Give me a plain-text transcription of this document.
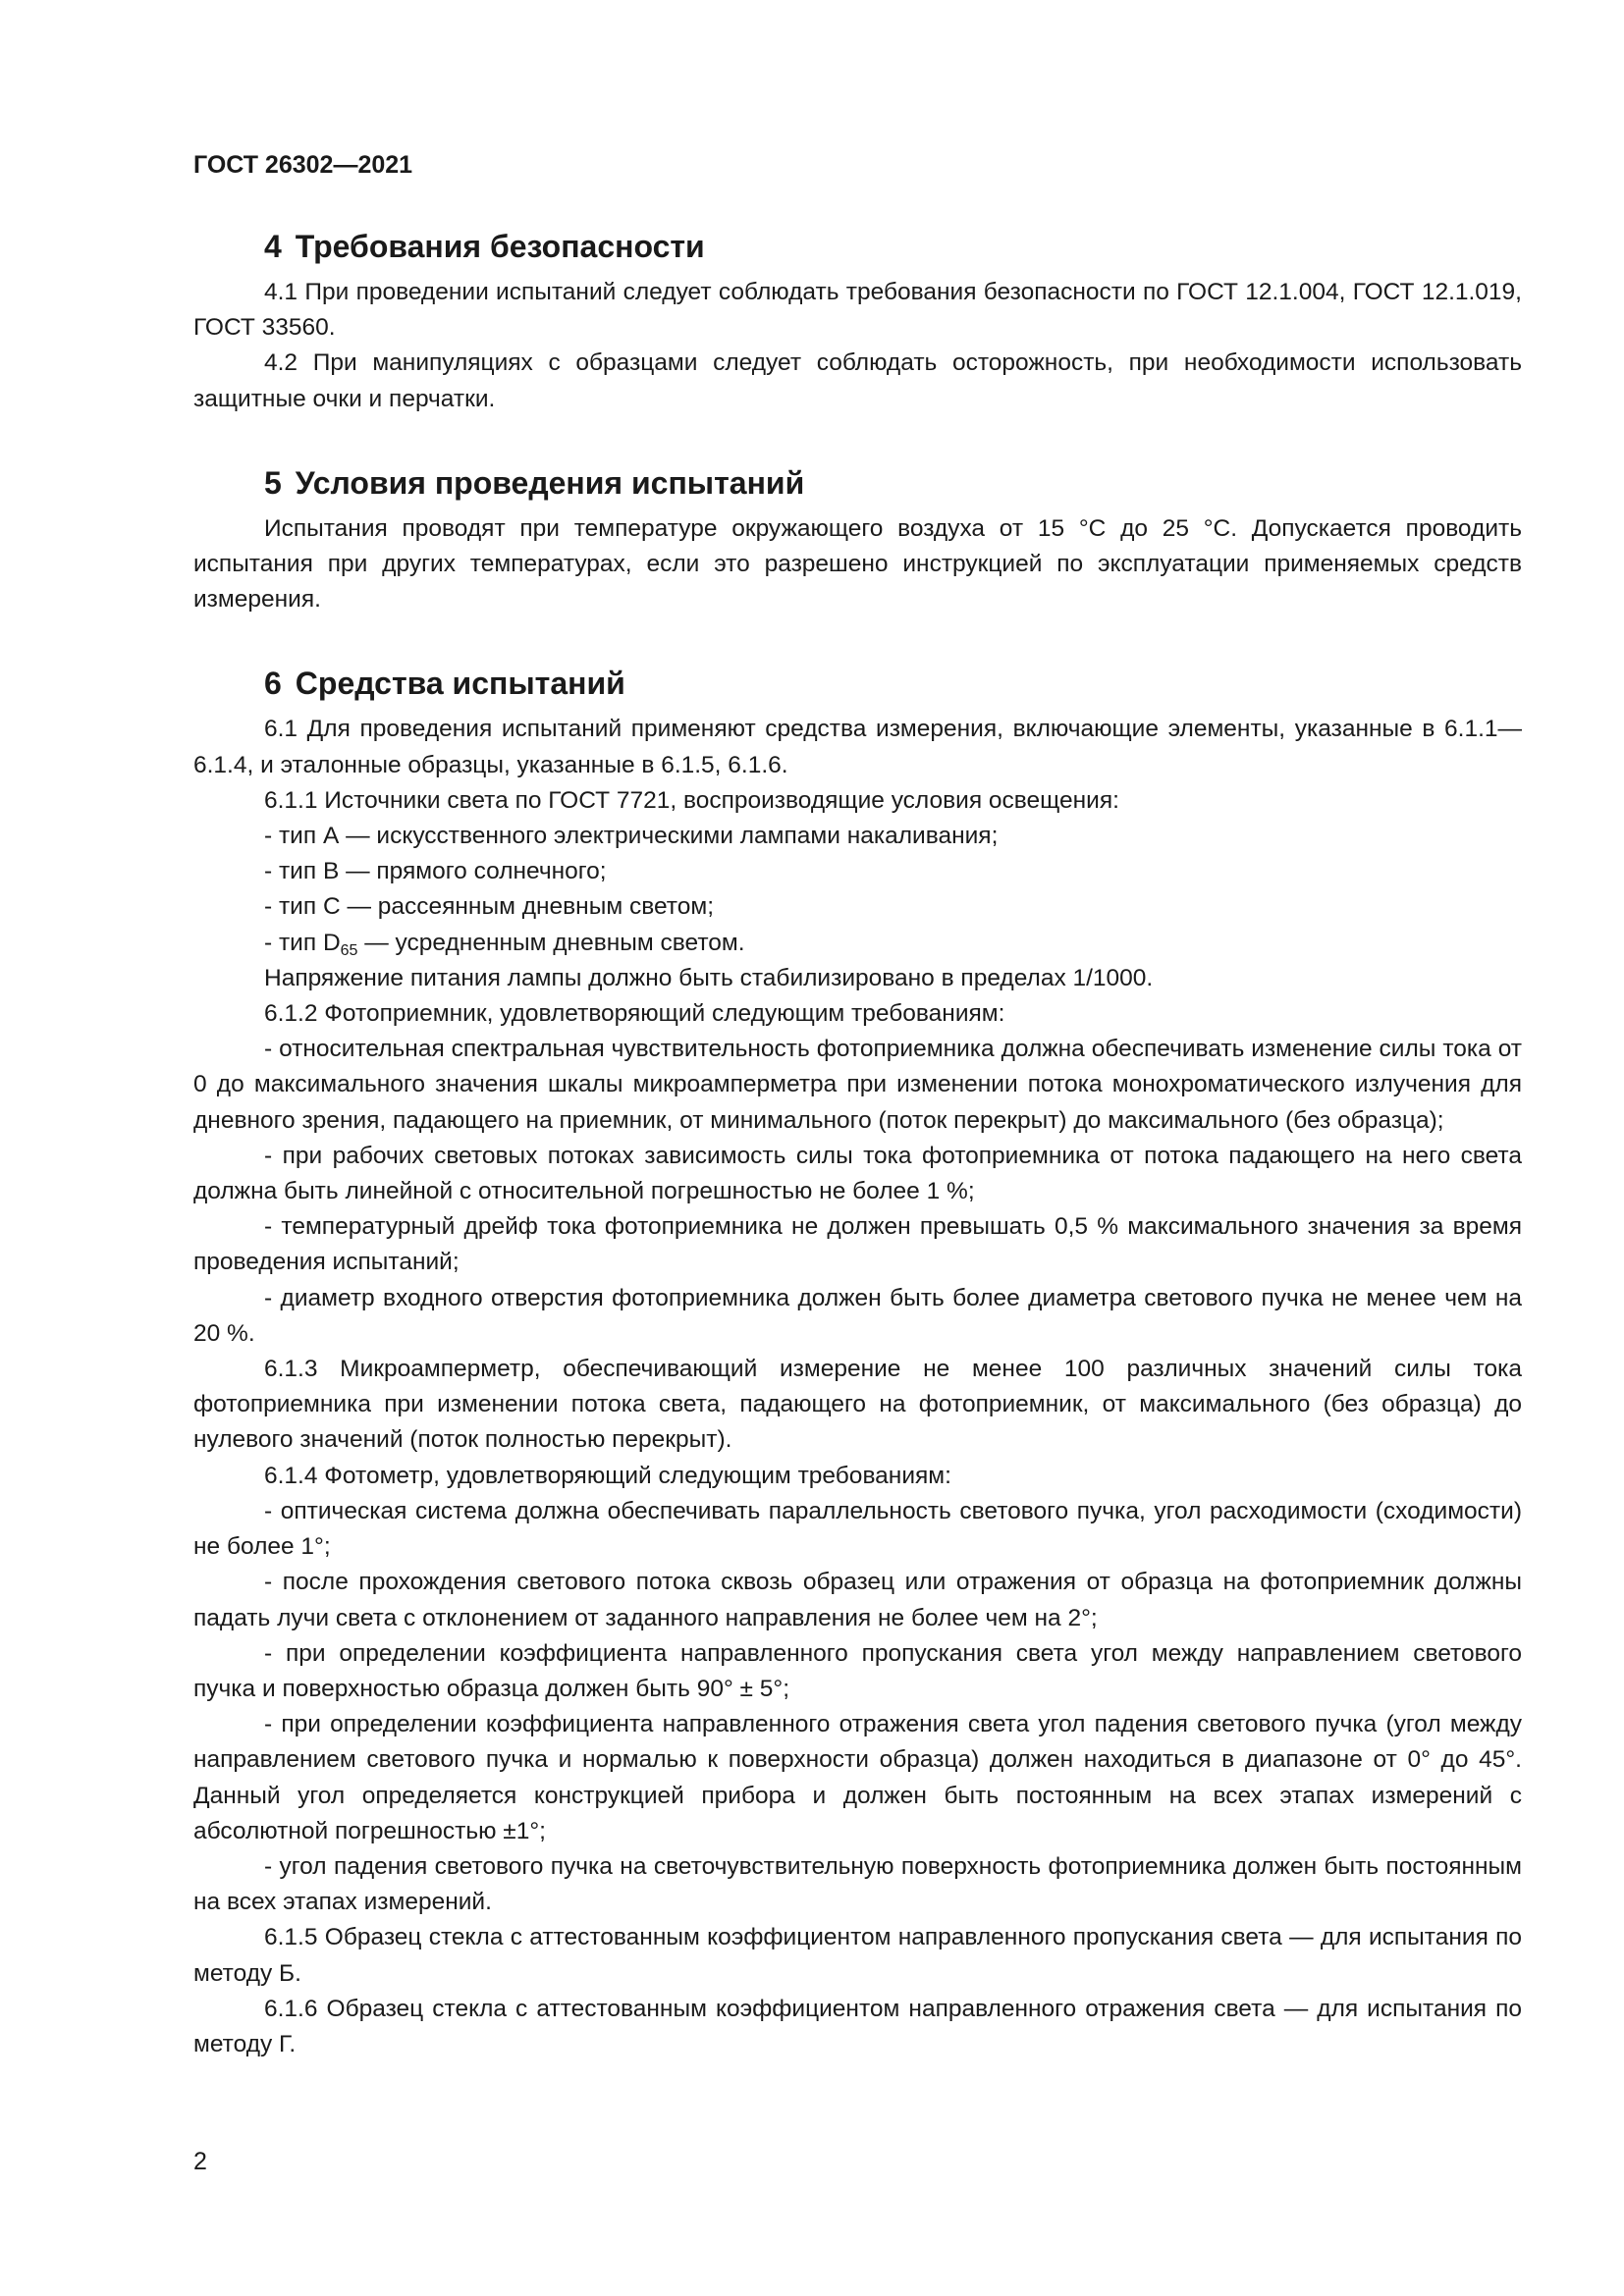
ГОСТ 26302—2021
4 Требования безопасности

4.1 При проведении испытаний следует соблюдать требования безопасности по ГОСТ 12.1.004, ГОСТ 12.1.019, ГОСТ 33560.

4.2 При манипуляциях с образцами следует соблюдать осторожность, при необходимости использовать защитные очки и перчатки.

5 Условия проведения испытаний

Испытания проводят при температуре окружающего воздуха от 15 °С до 25 °С. Допускается проводить испытания при других температурах, если это разрешено инструкцией по эксплуатации применяемых средств измерения.

6 Средства испытаний

6.1 Для проведения испытаний применяют средства измерения, включающие элементы, указанные в 6.1.1—6.1.4, и эталонные образцы, указанные в 6.1.5, 6.1.6.

6.1.1 Источники света по ГОСТ 7721, воспроизводящие условия освещения:

- тип А — искусственного электрическими лампами накаливания;

- тип В — прямого солнечного;

- тип С — рассеянным дневным светом;

- тип $D_{65}$ — усредненным дневным светом.

Напряжение питания лампы должно быть стабилизировано в пределах 1/1000.

6.1.2 Фотоприемник, удовлетворяющий следующим требованиям:

- относительная спектральная чувствительность фотоприемника должна обеспечивать изменение силы тока от 0 до максимального значения шкалы микроамперметра при изменении потока монохроматического излучения для дневного зрения, падающего на приемник, от минимального (поток перекрыт) до максимального (без образца);

- при рабочих световых потоках зависимость силы тока фотоприемника от потока падающего на него света должна быть линейной с относительной погрешностью не более 1 %;

- температурный дрейф тока фотоприемника не должен превышать 0,5 % максимального значения за время проведения испытаний;

- диаметр входного отверстия фотоприемника должен быть более диаметра светового пучка не менее чем на 20 %.

6.1.3 Микроамперметр, обеспечивающий измерение не менее 100 различных значений силы тока фотоприемника при изменении потока света, падающего на фотоприемник, от максимального (без образца) до нулевого значений (поток полностью перекрыт).

6.1.4 Фотометр, удовлетворяющий следующим требованиям:

- оптическая система должна обеспечивать параллельность светового пучка, угол расходимости (сходимости) не более 1°;

- после прохождения светового потока сквозь образец или отражения от образца на фотоприемник должны падать лучи света с отклонением от заданного направления не более чем на 2°;

- при определении коэффициента направленного пропускания света угол между направлением светового пучка и поверхностью образца должен быть 90° ± 5°;

- при определении коэффициента направленного отражения света угол падения светового пучка (угол между направлением светового пучка и нормалью к поверхности образца) должен находиться в диапазоне от 0° до 45°. Данный угол определяется конструкцией прибора и должен быть постоянным на всех этапах измерений с абсолютной погрешностью ±1°;

- угол падения светового пучка на светочувствительную поверхность фотоприемника должен быть постоянным на всех этапах измерений.

6.1.5 Образец стекла с аттестованным коэффициентом направленного пропускания света — для испытания по методу Б.

6.1.6 Образец стекла с аттестованным коэффициентом направленного отражения света — для испытания по методу Г.

2
